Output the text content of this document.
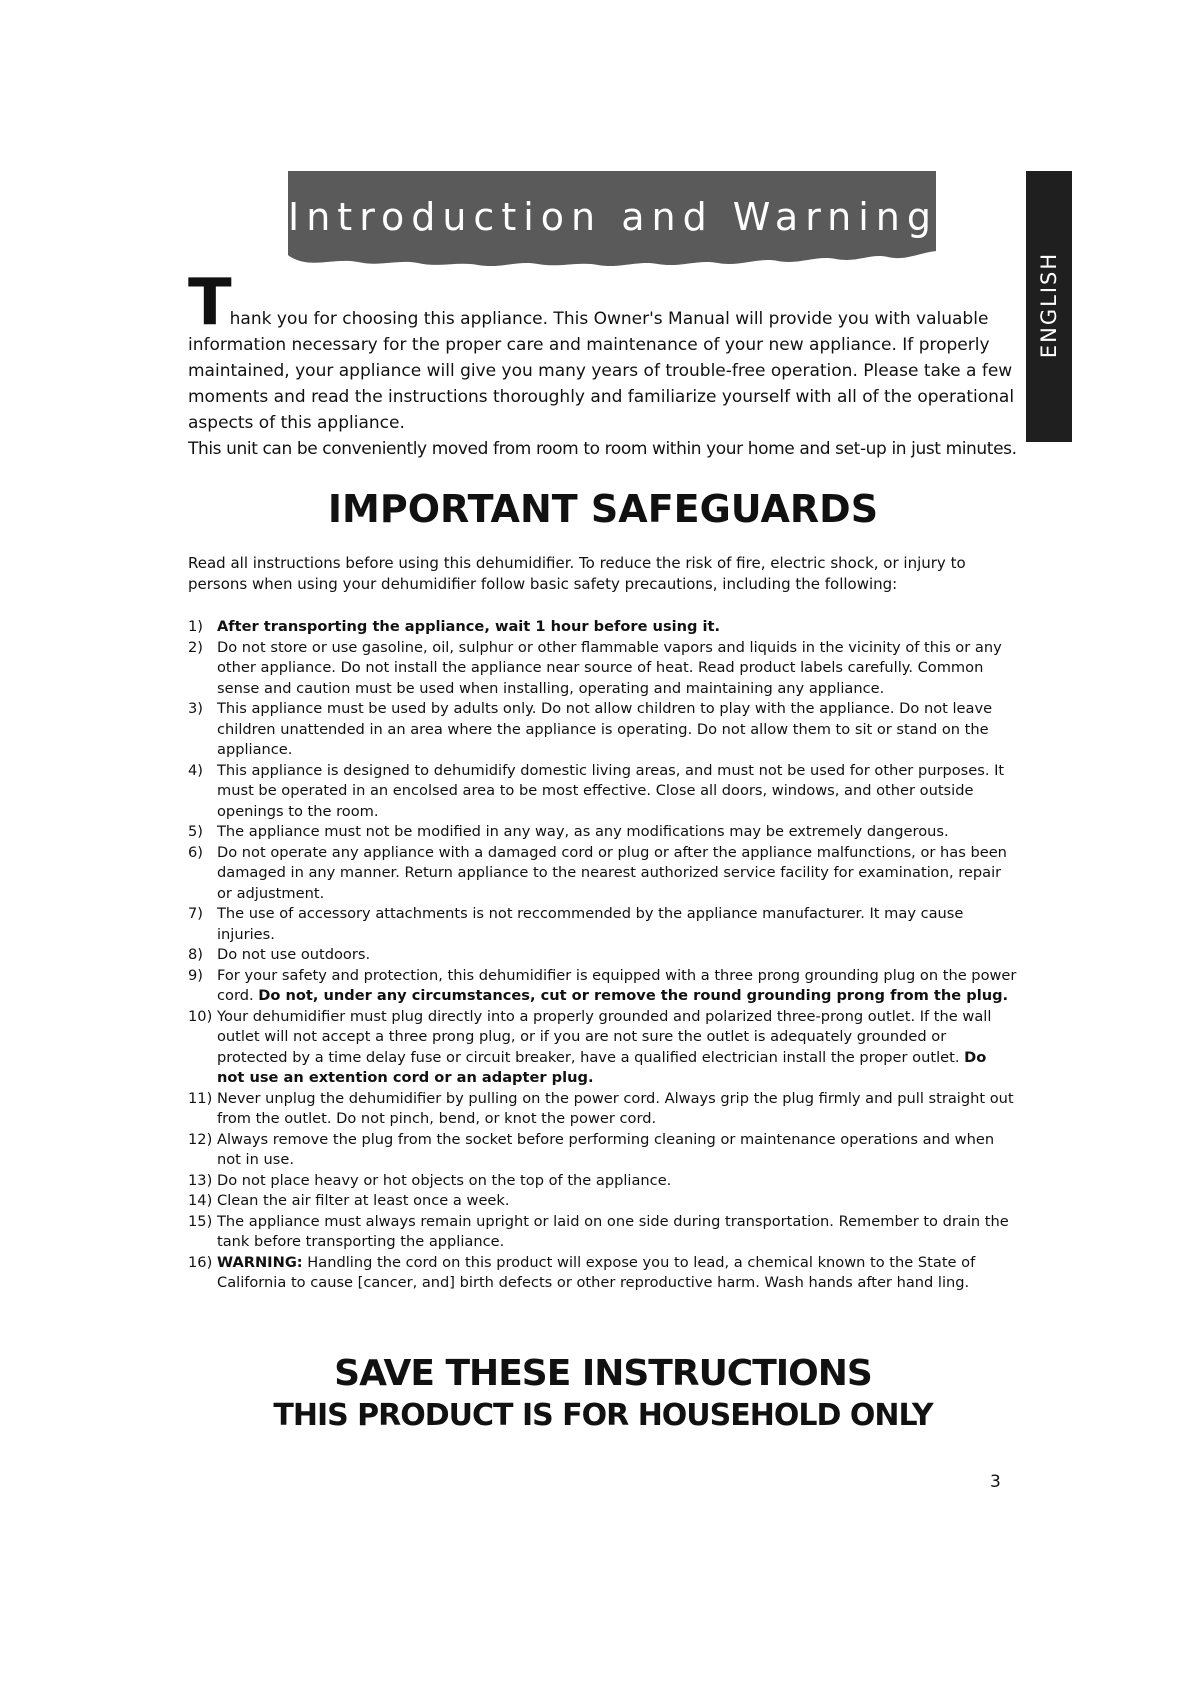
Introduction and Warning
ENGLISH

Thank you for choosing this appliance. This Owner's Manual will provide you with valuable information necessary for the proper care and maintenance of your new appliance. If properly maintained, your appliance will give you many years of trouble-free operation. Please take a few moments and read the instructions thoroughly and familiarize yourself with all of the operational aspects of this appliance.

This unit can be conveniently moved from room to room within your home and set-up in just minutes.

IMPORTANT SAFEGUARDS

Read all instructions before using this dehumidifier. To reduce the risk of fire, electric shock, or injury to persons when using your dehumidifier follow basic safety precautions, including the following:

1) After transporting the appliance, wait 1 hour before using it.
2) Do not store or use gasoline, oil, sulphur or other flammable vapors and liquids in the vicinity of this or any other appliance. Do not install the appliance near source of heat. Read product labels carefully. Common sense and caution must be used when installing, operating and maintaining any appliance.
3) This appliance must be used by adults only. Do not allow children to play with the appliance. Do not leave children unattended in an area where the appliance is operating. Do not allow them to sit or stand on the appliance.
4) This appliance is designed to dehumidify domestic living areas, and must not be used for other purposes. It must be operated in an encolsed area to be most effective. Close all doors, windows, and other outside openings to the room.
5) The appliance must not be modified in any way, as any modifications may be extremely dangerous.
6) Do not operate any appliance with a damaged cord or plug or after the appliance malfunctions, or has been damaged in any manner. Return appliance to the nearest authorized service facility for examination, repair or adjustment.
7) The use of accessory attachments is not reccommended by the appliance manufacturer. It may cause injuries.
8) Do not use outdoors.
9) For your safety and protection, this dehumidifier is equipped with a three prong grounding plug on the power cord. Do not, under any circumstances, cut or remove the round grounding prong from the plug.
10) Your dehumidifier must plug directly into a properly grounded and polarized three-prong outlet. If the wall outlet will not accept a three prong plug, or if you are not sure the outlet is adequately grounded or protected by a time delay fuse or circuit breaker, have a qualified electrician install the proper outlet. Do not use an extention cord or an adapter plug.
11) Never unplug the dehumidifier by pulling on the power cord. Always grip the plug firmly and pull straight out from the outlet. Do not pinch, bend, or knot the power cord.
12) Always remove the plug from the socket before performing cleaning or maintenance operations and when not in use.
13) Do not place heavy or hot objects on the top of the appliance.
14) Clean the air filter at least once a week.
15) The appliance must always remain upright or laid on one side during transportation. Remember to drain the tank before transporting the appliance.
16) WARNING: Handling the cord on this product will expose you to lead, a chemical known to the State of California to cause [cancer, and] birth defects or other reproductive harm. Wash hands after hand ling.
SAVE THESE INSTRUCTIONS
THIS PRODUCT IS FOR HOUSEHOLD ONLY
3
